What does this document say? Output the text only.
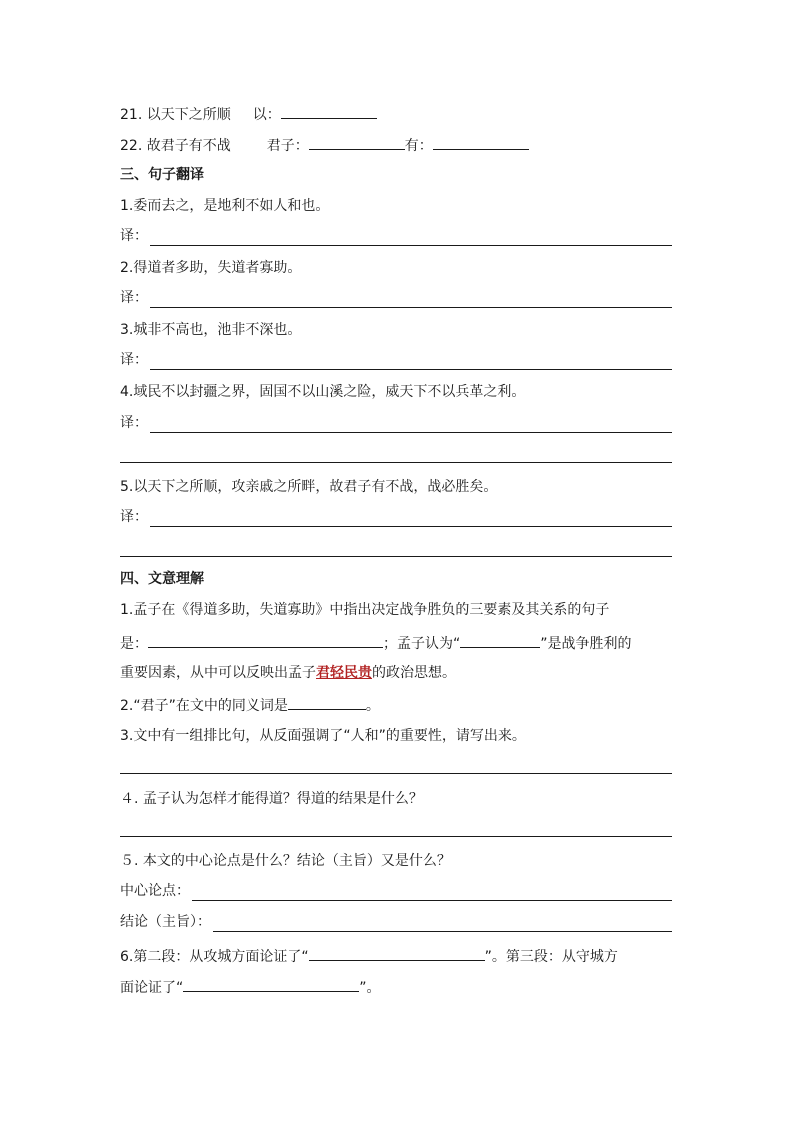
21. 以天下之所顺 以：
22. 故君子有不战	君子：	有：
三、句子翻译
1.委而去之，是地利不如人和也。
译：
2.得道者多助，失道者寡助。
译：
3.城非不高也，池非不深也。
译：
4.域民不以封疆之界，固国不以山溪之险，威天下不以兵革之利。
译：
5.以天下之所顺，攻亲戚之所畔，故君子有不战，战必胜矣。
译：
四、文意理解
1.孟子在《得道多助，失道寡助》中指出决定战争胜负的三要素及其关系的句子
是：	；孟子认为“	”是战争胜利的
重要因素，从中可以反映出孟子君轻民贵的政治思想。
2.“君子”在文中的同义词是	。
3.文中有一组排比句，从反面强调了“人和”的重要性，请写出来。
４. 孟子认为怎样才能得道？得道的结果是什么？
５. 本文的中心论点是什么？结论（主旨）又是什么？
中心论点：
结论（主旨）：
6.第二段：从攻城方面论证了“	”。第三段：从守城方
面论证了“	”。
